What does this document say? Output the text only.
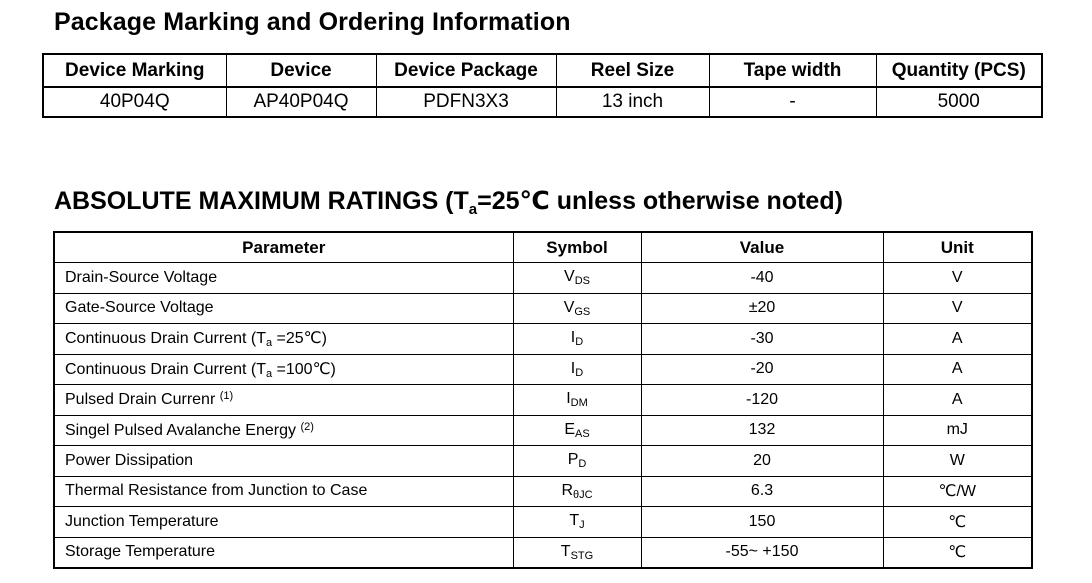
Package Marking and Ordering Information
Device Marking	Device	Device Package	Reel Size	Tape width	Quantity (PCS)
40P04Q	AP40P04Q	PDFN3X3	13 inch	-	5000
ABSOLUTE MAXIMUM RATINGS ($T_a=25℃$ unless otherwise noted)
Parameter	Symbol	Value	Unit
Drain-Source Voltage	VDS	-40	V
Gate-Source Voltage	VGS	±20	V
Continuous Drain Current (Ta =25℃)	ID	-30	A
Continuous Drain Current (Ta =100℃)	ID	-20	A
Pulsed Drain Currenr $^{(1)}$	IDM	-120	A
Singel Pulsed Avalanche Energy $^{(2)}$	EAS	132	mJ
Power Dissipation	PD	20	W
Thermal Resistance from Junction to Case	RθJC	6.3	℃/W
Junction Temperature	TJ	150	℃
Storage Temperature	TSTG	-55~ +150	℃
